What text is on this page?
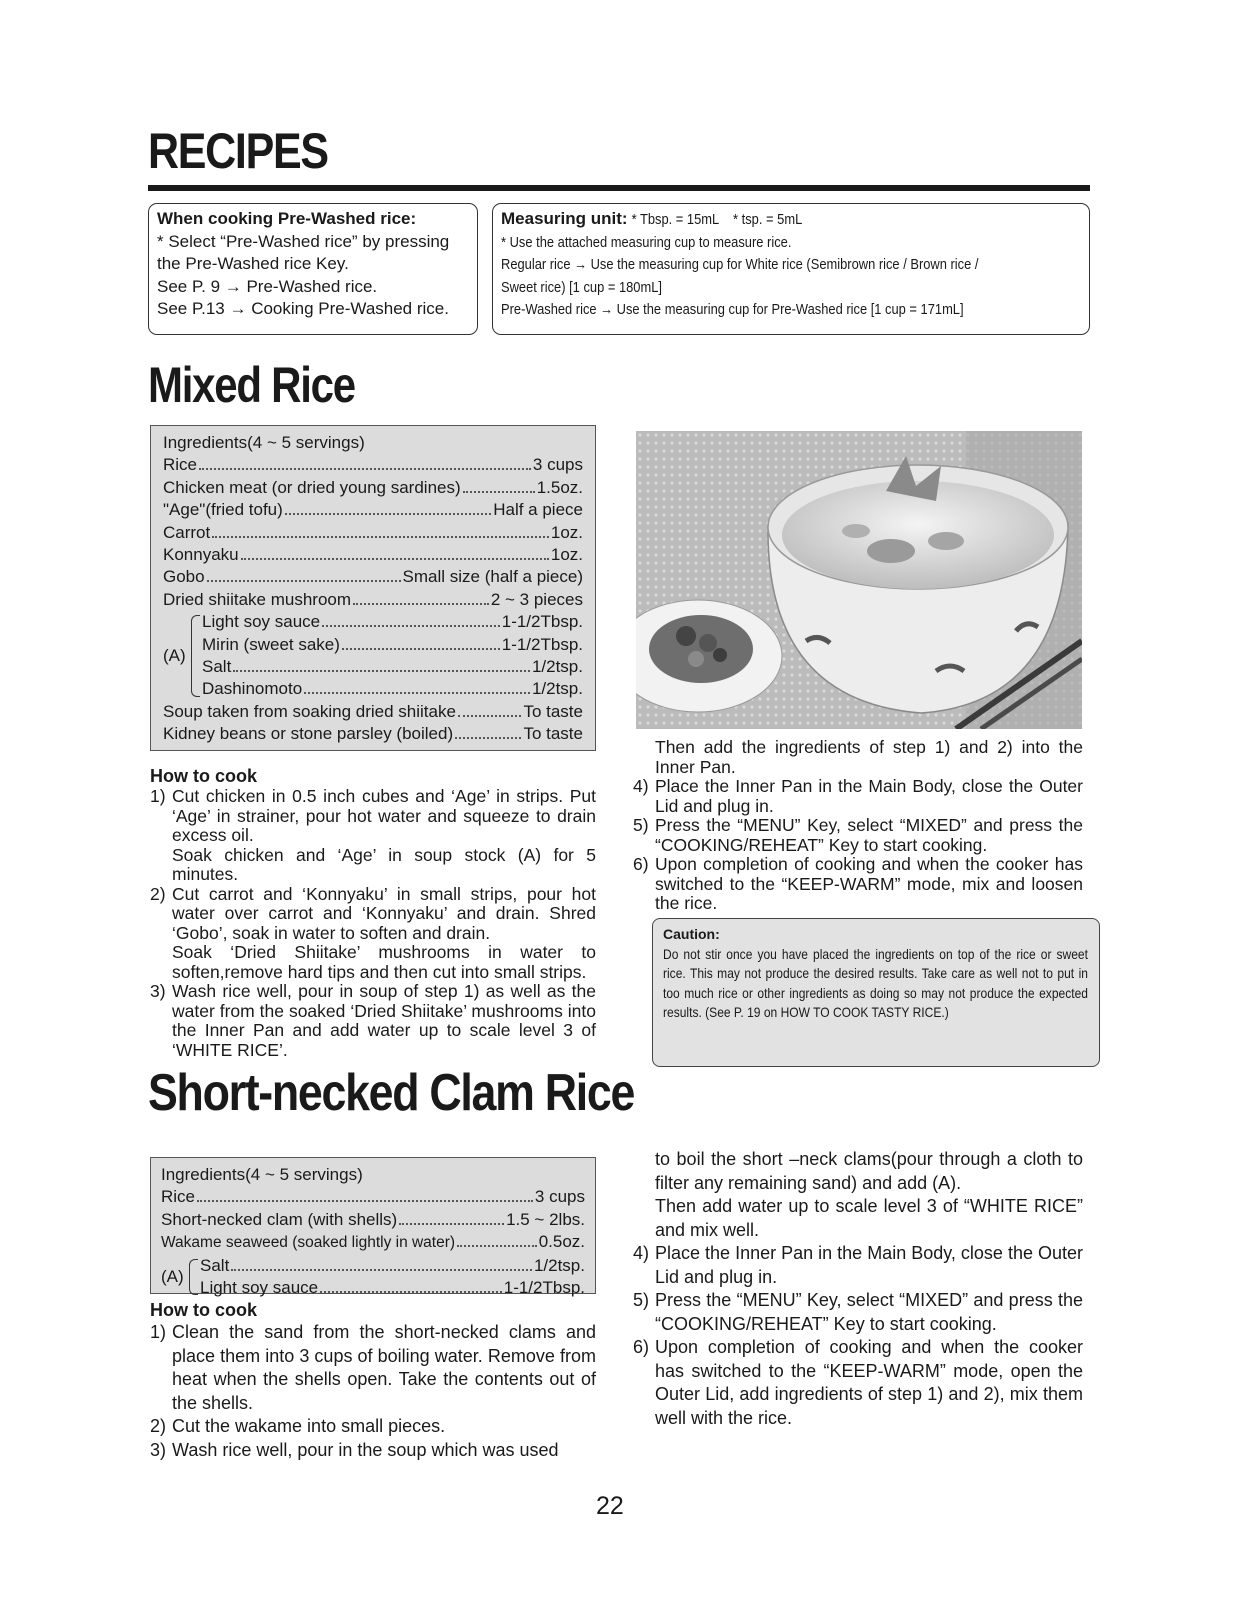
RECIPES
When cooking Pre-Washed rice:
* Select “Pre-Washed rice” by pressing
the Pre-Washed rice Key.
See P. 9 → Pre-Washed rice.
See P.13 → Cooking Pre-Washed rice.
Measuring unit: * Tbsp. = 15mL    * tsp. = 5mL
* Use the attached measuring cup to measure rice.
Regular rice → Use the measuring cup for White rice (Semibrown rice / Brown rice /
Sweet rice) [1 cup = 180mL]
Pre-Washed rice → Use the measuring cup for Pre-Washed rice [1 cup = 171mL]
Mixed Rice
Ingredients(4 ~ 5 servings)
Rice	3 cups
Chicken meat (or dried young sardines)	1.5oz.
"Age"(fried tofu)	Half a piece
Carrot	1oz.
Konnyaku	1oz.
Gobo	Small size (half a piece)
Dried shiitake mushroom	2 ~ 3 pieces
(A)
Light soy sauce	1-1/2Tbsp.
Mirin (sweet sake)	1-1/2Tbsp.
Salt	1/2tsp.
Dashinomoto	1/2tsp.
Soup taken from soaking dried shiitake	To taste
Kidney beans or stone parsley (boiled)	To taste
How to cook
1) Cut chicken in 0.5 inch cubes and ‘Age’ in strips. Put ‘Age’ in strainer, pour hot water and squeeze to drain excess oil.
Soak chicken and ‘Age’ in soup stock (A) for 5 minutes.
2) Cut carrot and ‘Konnyaku’ in small strips, pour hot water over carrot and ‘Konnyaku’ and drain. Shred ‘Gobo’, soak in water to soften and drain.
Soak ‘Dried Shiitake’ mushrooms in water to soften,remove hard tips and then cut into small strips.
3) Wash rice well, pour in soup of step 1) as well as the water from the soaked ‘Dried Shiitake’ mushrooms into the Inner Pan and add water up to scale level 3 of ‘WHITE RICE’.
Then add the ingredients of step 1) and 2) into the Inner Pan.
4) Place the Inner Pan in the Main Body, close the Outer Lid and plug in.
5) Press the “MENU” Key, select “MIXED” and press the “COOKING/REHEAT” Key to start cooking.
6) Upon completion of cooking and when the cooker has switched to the “KEEP-WARM” mode, mix and loosen the rice.
Caution:
Do not stir once you have placed the ingredients on top of the rice or sweet rice. This may not produce the desired results. Take care as well not to put in too much rice or other ingredients as doing so may not produce the expected results. (See P. 19 on HOW TO COOK TASTY RICE.)
Short-necked Clam Rice
Ingredients(4 ~ 5 servings)
Rice	3 cups
Short-necked clam (with shells)	1.5 ~ 2lbs.
Wakame seaweed (soaked lightly in water)	0.5oz.
(A)
Salt	1/2tsp.
Light soy sauce	1-1/2Tbsp.
How to cook
1) Clean the sand from the short-necked clams and place them into 3 cups of boiling water. Remove from heat when the shells open. Take the contents out of the shells.
2) Cut the wakame into small pieces.
3) Wash rice well, pour in the soup which was used
to boil the short –neck clams(pour through a cloth to filter any remaining sand) and add (A).
Then add water up to scale level 3 of “WHITE RICE” and mix well.
4) Place the Inner Pan in the Main Body, close the Outer Lid and plug in.
5) Press the “MENU” Key, select “MIXED” and press the “COOKING/REHEAT” Key to start cooking.
6) Upon completion of cooking and when the cooker has switched to the “KEEP-WARM” mode, open the Outer Lid, add ingredients of step 1) and 2), mix them well with the rice.
22
